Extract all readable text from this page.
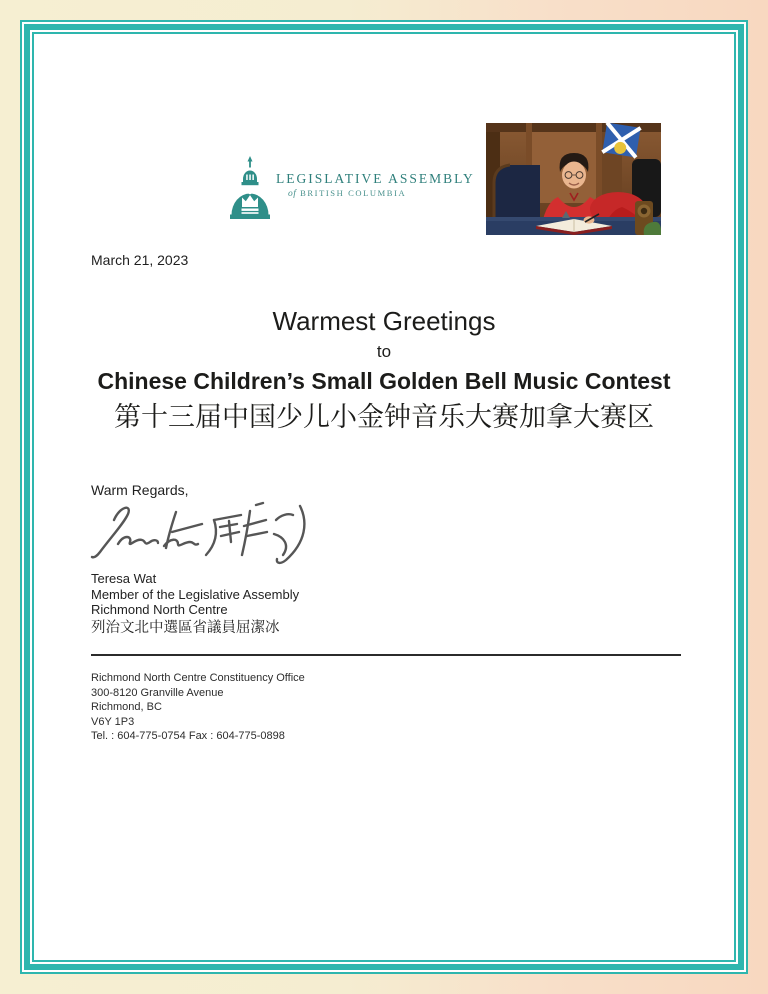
LEGISLATIVE ASSEMBLY
of BRITISH COLUMBIA
March 21, 2023
Warmest Greetings
to
Chinese Children’s Small Golden Bell Music Contest
第十三届中国少儿小金钟音乐大赛加拿大赛区
Warm Regards,
Teresa Wat
Member of the Legislative Assembly
Richmond North Centre
列治文北中選區省議員屈潔冰
Richmond North Centre Constituency Office
300-8120 Granville Avenue
Richmond, BC
V6Y 1P3
Tel. : 604-775-0754 Fax : 604-775-0898
